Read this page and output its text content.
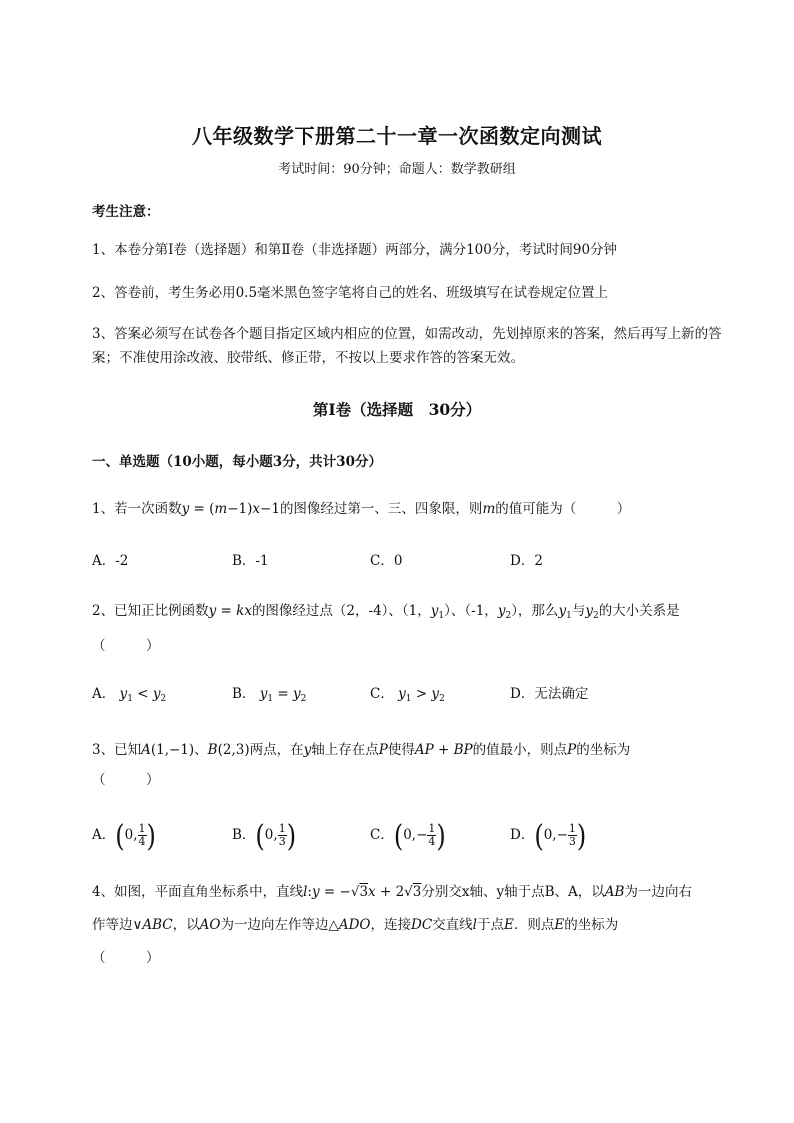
八年级数学下册第二十一章一次函数定向测试
考试时间：90分钟；命题人：数学教研组
考生注意：
1、本卷分第I卷（选择题）和第Ⅱ卷（非选择题）两部分，满分100分，考试时间90分钟
2、答卷前，考生务必用0.5毫米黑色签字笔将自己的姓名、班级填写在试卷规定位置上
3、答案必须写在试卷各个题目指定区域内相应的位置，如需改动，先划掉原来的答案，然后再写上新的答案；不准使用涂改液、胶带纸、修正带，不按以上要求作答的答案无效。
第I卷（选择题　30分）
一、单选题（10小题，每小题3分，共计30分）
1、若一次函数y = (m−1)x−1的图像经过第一、三、四象限，则m的值可能为（　　　）
A．-2	B．-1	C．0	D．2
2、已知正比例函数y = kx的图像经过点（2，-4）、（1，$y_1$）、（-1，$y_2$），那么$y_1$与$y_2$的大小关系是
（　　　）
A． $y_1 < y_2$	B． $y_1 = y_2$	C． $y_1 > y_2$	D．无法确定
3、已知A(1,−1)、B(2,3)两点，在y轴上存在点P使得AP + BP的值最小，则点P的坐标为
（　　　）
A．(0, $\frac{1}{4}$ )	B．(0, $\frac{1}{3}$ )	C．($0,- \frac{1}{4}$ )	D．($0,- \frac{1}{3}$ )
4、如图，平面直角坐标系中，直线l:y = −√3x + 2√3分别交x轴、y轴于点B、A，以AB为一边向右
作等边∨ABC，以AO为一边向左作等边△ADO，连接DC交直线l于点E．则点E的坐标为
（　　　）
